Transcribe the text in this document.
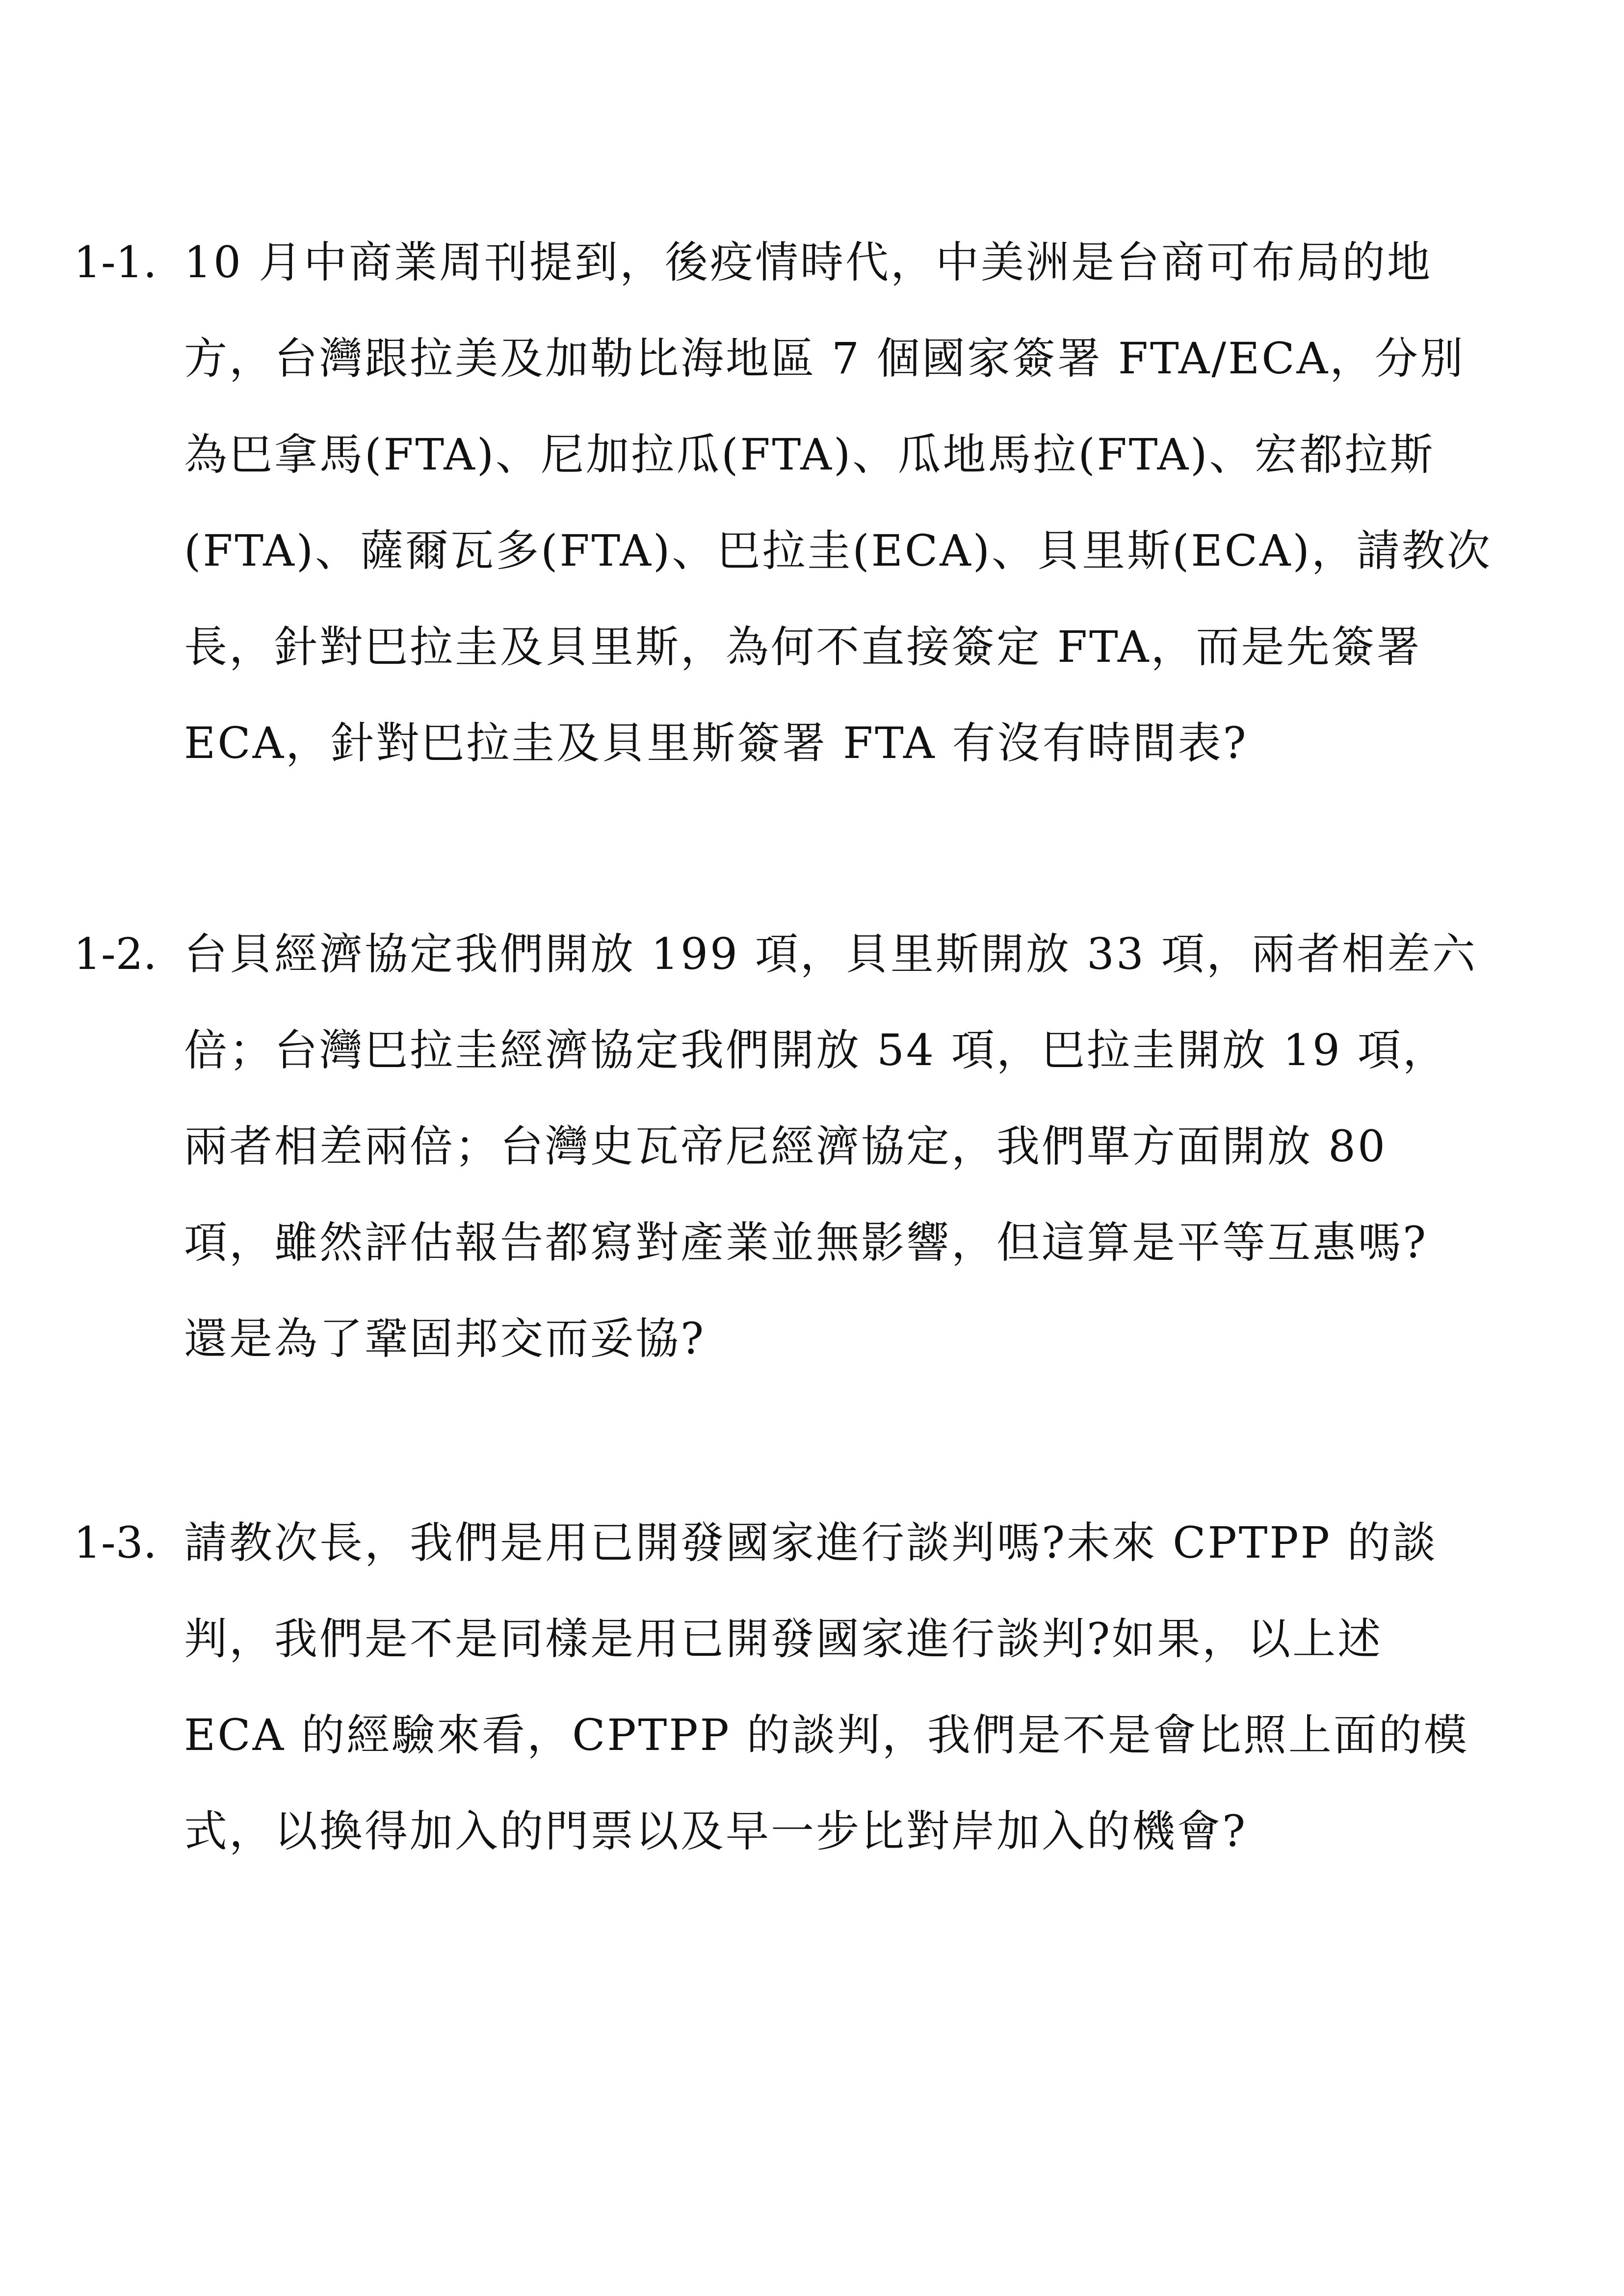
1-1. 10 月中商業周刊提到，後疫情時代，中美洲是台商可布局的地
方，台灣跟拉美及加勒比海地區 7 個國家簽署 FTA/ECA，分別
為巴拿馬(FTA)、尼加拉瓜(FTA)、瓜地馬拉(FTA)、宏都拉斯
(FTA)、薩爾瓦多(FTA)、巴拉圭(ECA)、貝里斯(ECA)，請教次
長，針對巴拉圭及貝里斯，為何不直接簽定 FTA，而是先簽署
ECA，針對巴拉圭及貝里斯簽署 FTA 有沒有時間表?
1-2. 台貝經濟協定我們開放 199 項，貝里斯開放 33 項，兩者相差六
倍；台灣巴拉圭經濟協定我們開放 54 項，巴拉圭開放 19 項，
兩者相差兩倍；台灣史瓦帝尼經濟協定，我們單方面開放 80
項，雖然評估報告都寫對產業並無影響，但這算是平等互惠嗎?
還是為了鞏固邦交而妥協?
1-3. 請教次長，我們是用已開發國家進行談判嗎?未來 CPTPP 的談
判，我們是不是同樣是用已開發國家進行談判?如果，以上述
ECA 的經驗來看，CPTPP 的談判，我們是不是會比照上面的模
式，以換得加入的門票以及早一步比對岸加入的機會?
